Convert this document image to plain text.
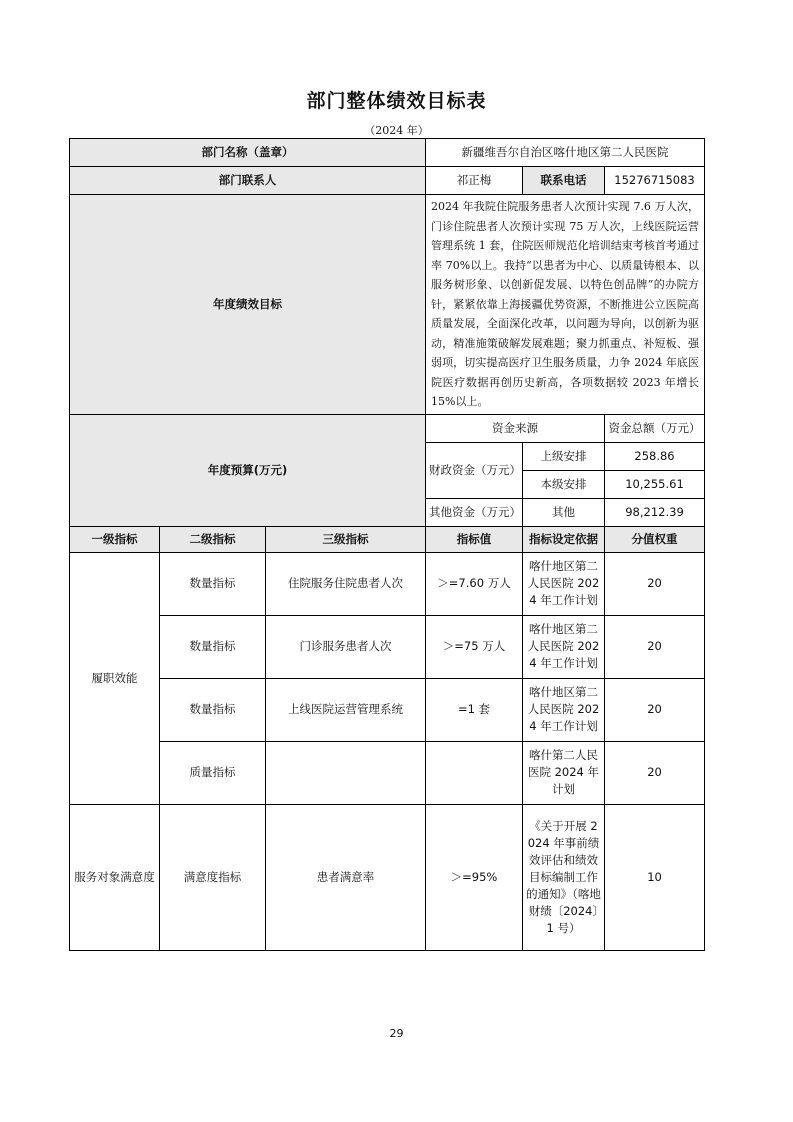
部门整体绩效目标表
（2024 年）
部门名称（盖章）			新疆维吾尔自治区喀什地区第二人民医院		
部门联系人			祁正梅	联系电话	15276715083
年度绩效目标			2024 年我院住院服务患者人次预计实现 7.6 万人次，门诊住院患者人次预计实现 75 万人次，上线医院运营管理系统 1 套，住院医师规范化培训结束考核首考通过率 70%以上。我持“以患者为中心、以质量铸根本、以服务树形象、以创新促发展、以特色创品牌”的办院方针，紧紧依靠上海援疆优势资源，不断推进公立医院高质量发展，全面深化改革，以问题为导向，以创新为驱动，精准施策破解发展难题；聚力抓重点、补短板、强弱项，切实提高医疗卫生服务质量，力争 2024 年底医院医疗数据再创历史新高，各项数据较 2023 年增长 15%以上。		
年度预算(万元)			资金来源		资金总额（万元）
			财政资金（万元）	上级安排	258.86
				本级安排	10,255.61
			其他资金（万元）	其他	98,212.39
一级指标	二级指标	三级指标	指标值	指标设定依据	分值权重
履职效能	数量指标	住院服务住院患者人次	＞=7.60 万人	喀什地区第二人民医院 2024 年工作计划	20
	数量指标	门诊服务患者人次	＞=75 万人	喀什地区第二人民医院 2024 年工作计划	20
	数量指标	上线医院运营管理系统	=1 套	喀什地区第二人民医院 2024 年工作计划	20
	质量指标			喀什第二人民医院 2024 年计划	20
服务对象满意度	满意度指标	患者满意率	＞=95%	《关于开展 2024 年事前绩效评估和绩效目标编制工作的通知》（喀地财绩〔2024〕1 号）	10
29
